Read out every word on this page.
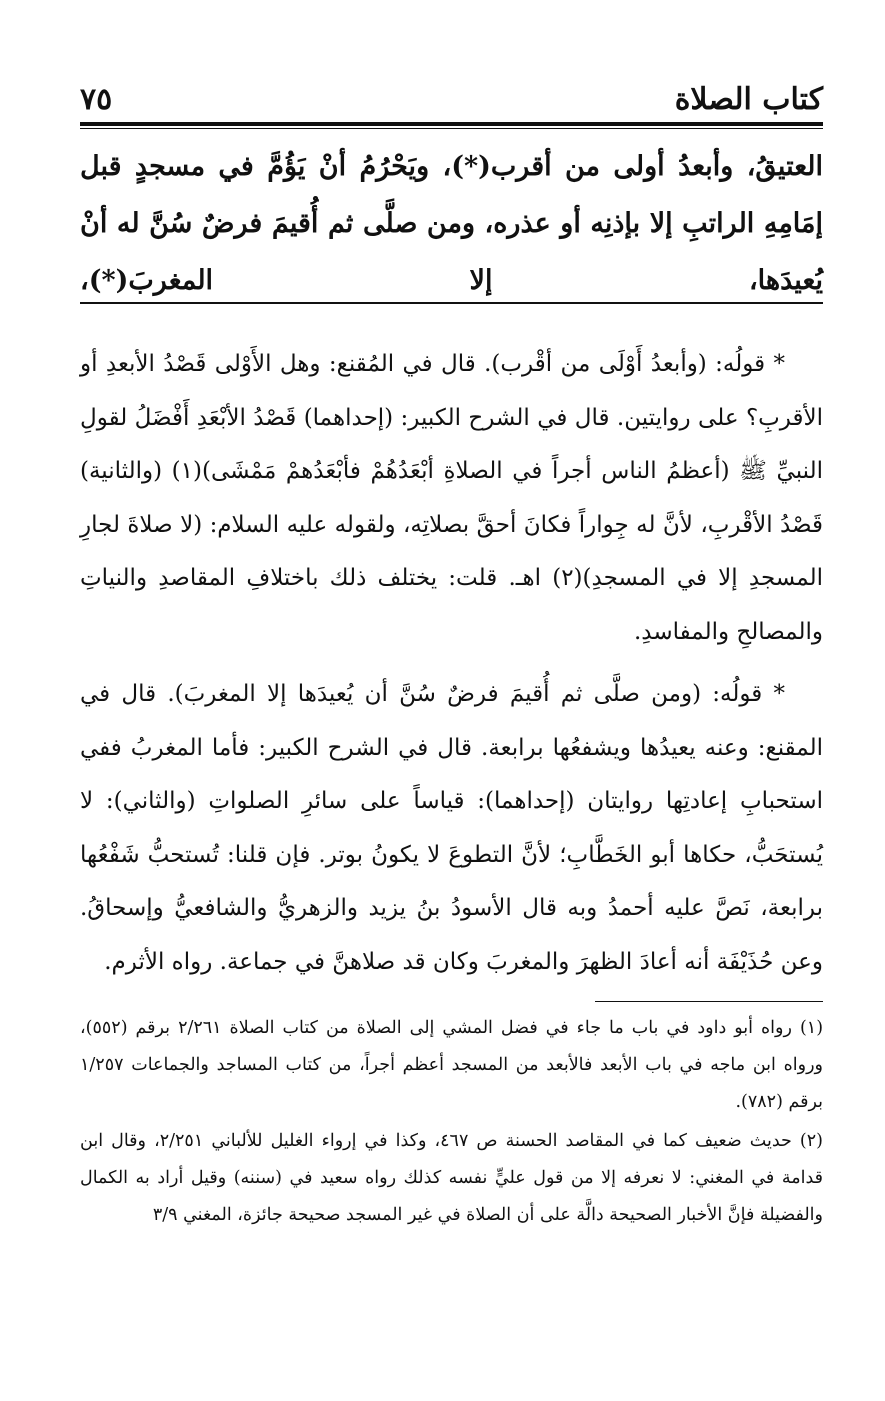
كتاب الصلاة
٧٥

العتيقُ، وأبعدُ أولى من أقرب(*)، ويَحْرُمُ أنْ يَؤُمَّ في مسجدٍ قبل إمَامِهِ الراتبِ إلا بإذنِه أو عذره، ومن صلَّى ثم أُقيمَ فرضٌ سُنَّ له أنْ يُعيدَها، إلا المغربَ(*)،

* قولُه: (وأبعدُ أَوْلَى من أقْرب). قال في المُقنع: وهل الأَوْلى قَصْدُ الأبعدِ أو الأقربِ؟ على روايتين. قال في الشرح الكبير: (إحداهما) قَصْدُ الأبْعَدِ أَفْضَلُ لقولِ النبيِّ ﷺ (أعظمُ الناس أجراً في الصلاةِ أبْعَدُهُمْ فأبْعَدُهمْ مَمْشَى)(١) (والثانية) قَصْدُ الأقْربِ، لأنَّ له جِواراً فكانَ أحقَّ بصلاتِه، ولقوله عليه السلام: (لا صلاةَ لجارِ المسجدِ إلا في المسجدِ)(٢) اهـ. قلت: يختلف ذلك باختلافِ المقاصدِ والنياتِ والمصالحِ والمفاسدِ.

* قولُه: (ومن صلَّى ثم أُقيمَ فرضٌ سُنَّ أن يُعيدَها إلا المغربَ). قال في المقنع: وعنه يعيدُها ويشفعُها برابعة. قال في الشرح الكبير: فأما المغربُ ففي استحبابِ إعادتِها روايتان (إحداهما): قياساً على سائرِ الصلواتِ (والثاني): لا يُستحَبُّ، حكاها أبو الخَطَّابِ؛ لأنَّ التطوعَ لا يكونُ بوتر. فإن قلنا: تُستحبُّ شَفْعُها برابعة، نَصَّ عليه أحمدُ وبه قال الأسودُ بنُ يزيد والزهريُّ والشافعيُّ وإسحاقُ. وعن حُذَيْفَة أنه أعادَ الظهرَ والمغربَ وكان قد صلاهنَّ في جماعة. رواه الأثرم.

(١) رواه أبو داود في باب ما جاء في فضل المشي إلى الصلاة من كتاب الصلاة ٢/٢٦١ برقم (٥٥٢)، ورواه ابن ماجه في باب الأبعد فالأبعد من المسجد أعظم أجراً، من كتاب المساجد والجماعات ١/٢٥٧ برقم (٧٨٢).

(٢) حديث ضعيف كما في المقاصد الحسنة ص ٤٦٧، وكذا في إرواء الغليل للألباني ٢/٢٥١، وقال ابن قدامة في المغني: لا نعرفه إلا من قول عليٍّ نفسه كذلك رواه سعيد في (سننه) وقيل أراد به الكمال والفضيلة فإنَّ الأخبار الصحيحة دالَّة على أن الصلاة في غير المسجد صحيحة جائزة، المغني ٣/٩
